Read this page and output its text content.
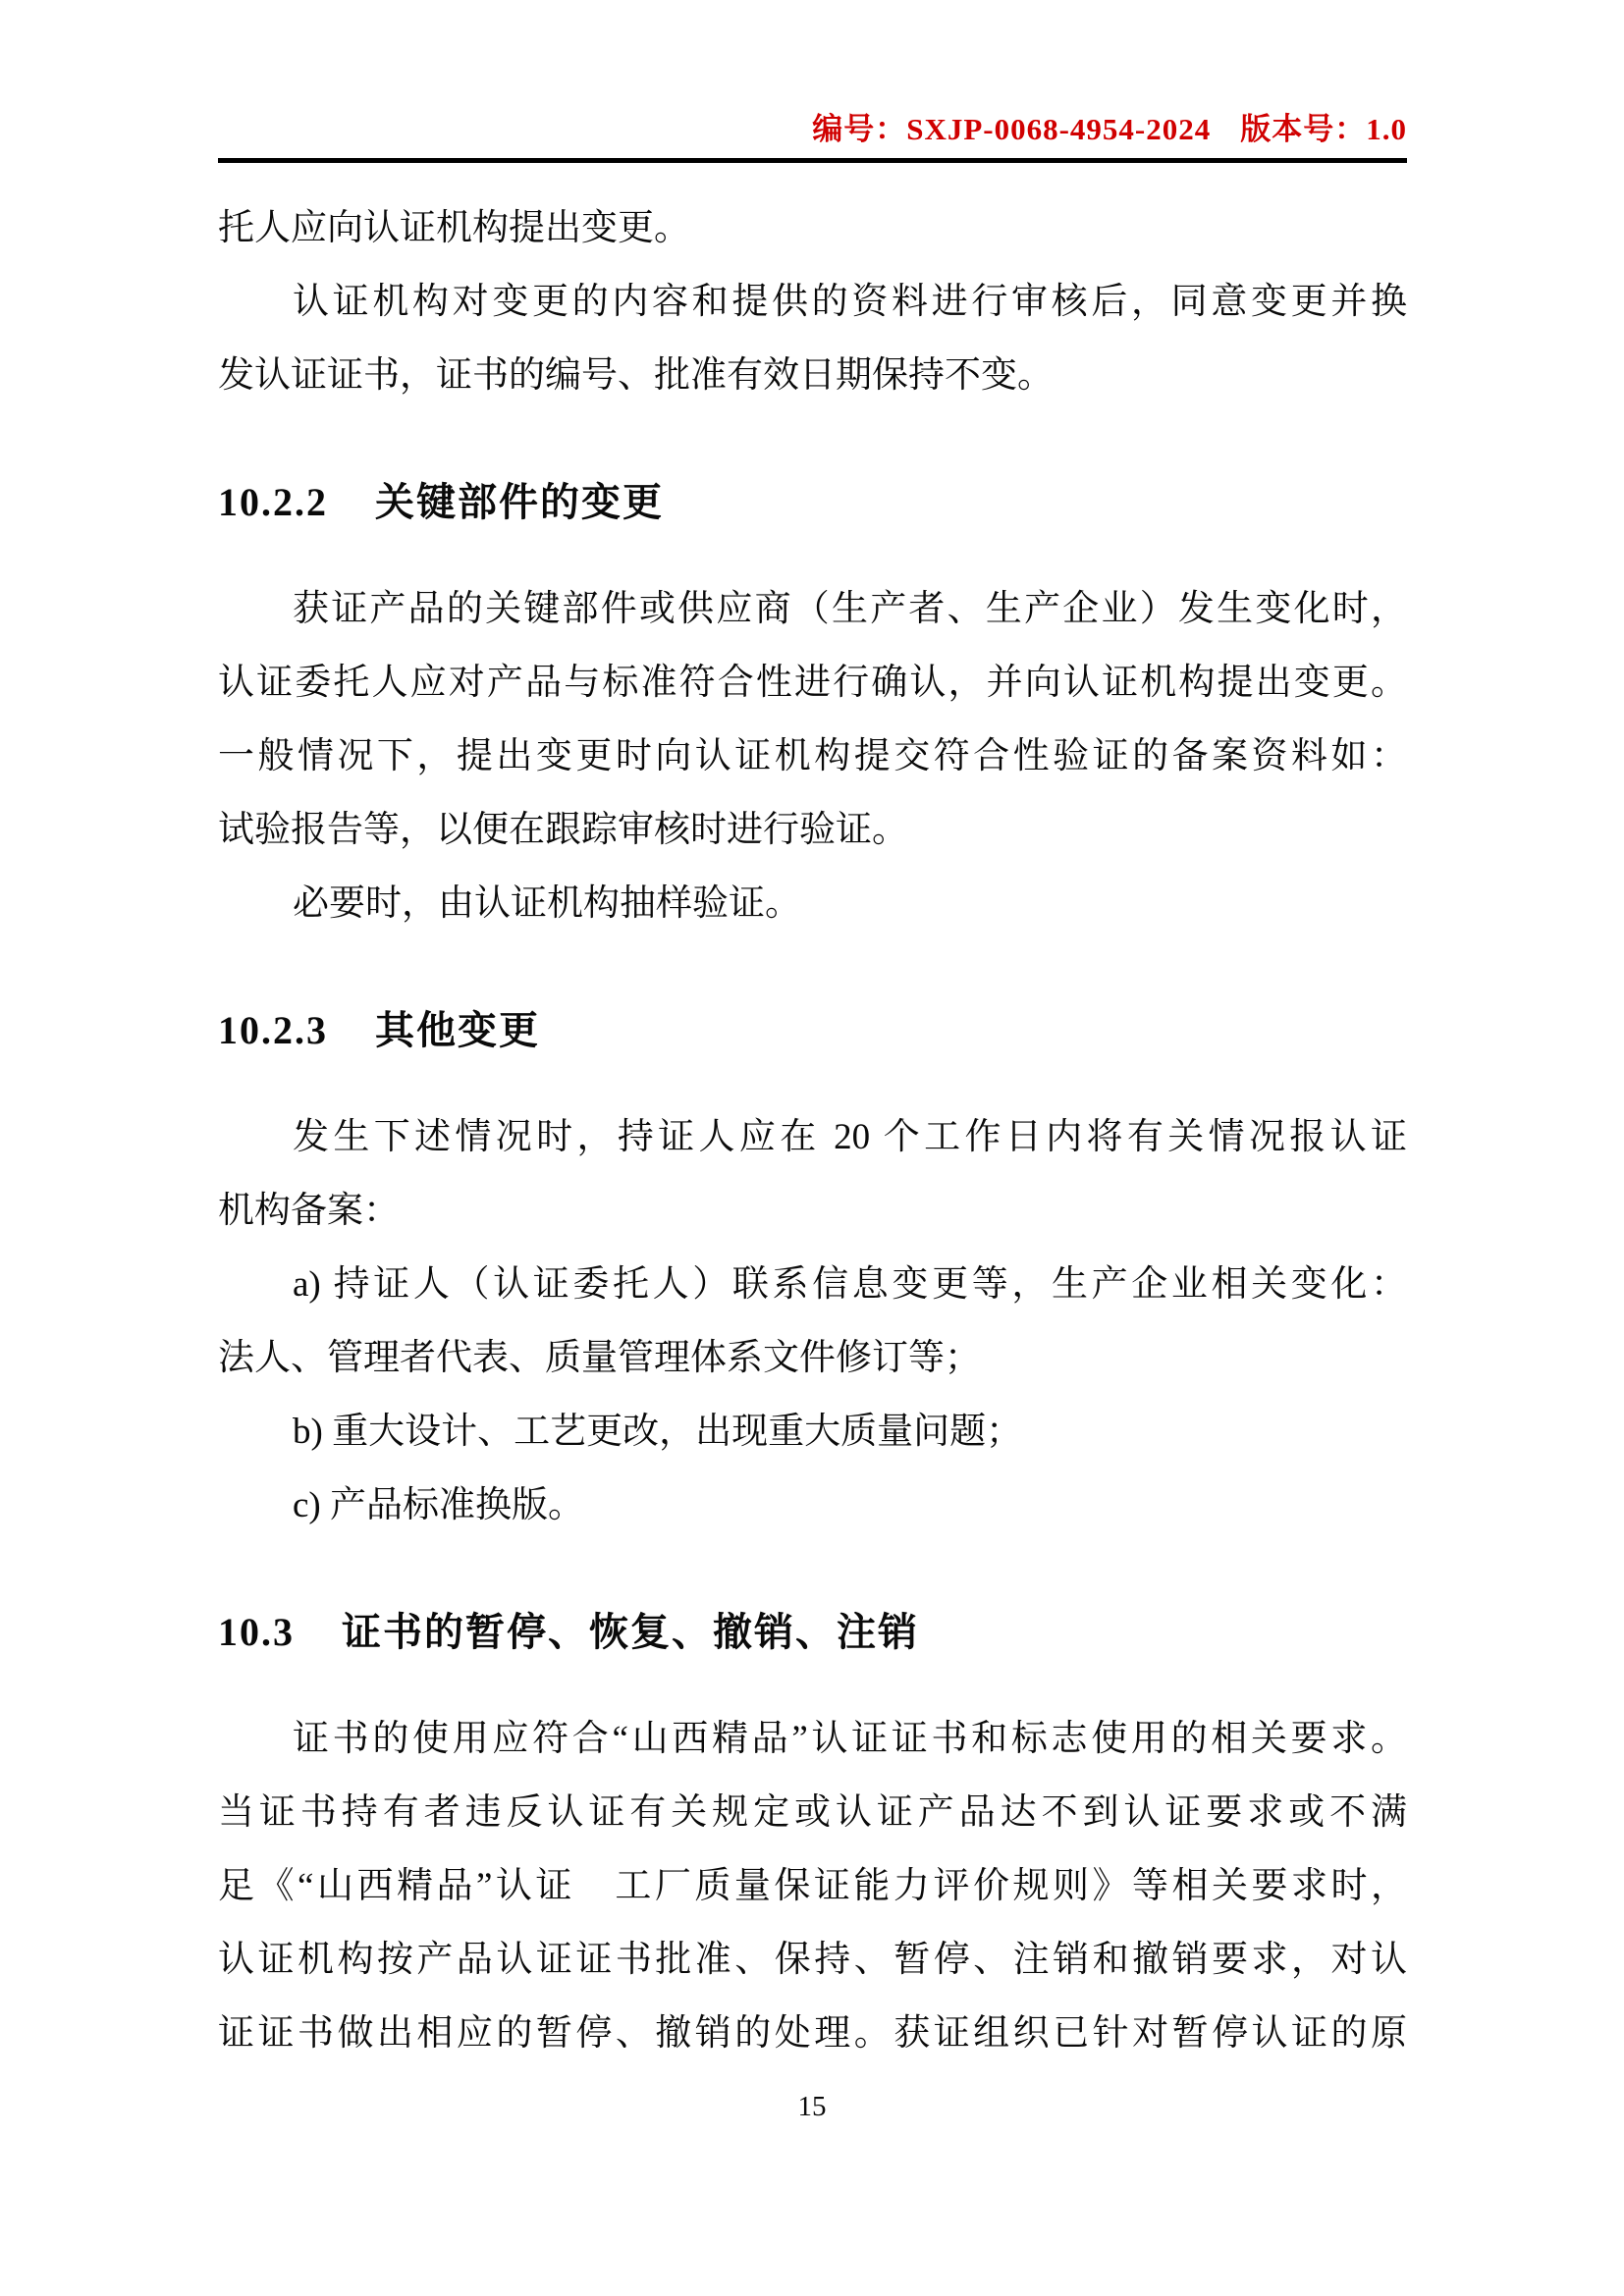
编号：SXJP-0068-4954-2024 版本号：1.0
托人应向认证机构提出变更。
认证机构对变更的内容和提供的资料进行审核后，同意变更并换
发认证证书，证书的编号、批准有效日期保持不变。
10.2.2 关键部件的变更
获证产品的关键部件或供应商（生产者、生产企业）发生变化时，
认证委托人应对产品与标准符合性进行确认，并向认证机构提出变更。
一般情况下，提出变更时向认证机构提交符合性验证的备案资料如：
试验报告等，以便在跟踪审核时进行验证。
必要时，由认证机构抽样验证。
10.2.3 其他变更
发生下述情况时，持证人应在 20 个工作日内将有关情况报认证
机构备案：
a) 持证人（认证委托人）联系信息变更等，生产企业相关变化：
法人、管理者代表、质量管理体系文件修订等；
b) 重大设计、工艺更改，出现重大质量问题；
c) 产品标准换版。
10.3 证书的暂停、恢复、撤销、注销
证书的使用应符合“山西精品”认证证书和标志使用的相关要求。
当证书持有者违反认证有关规定或认证产品达不到认证要求或不满
足《“山西精品”认证　工厂质量保证能力评价规则》等相关要求时，
认证机构按产品认证证书批准、保持、暂停、注销和撤销要求，对认
证证书做出相应的暂停、撤销的处理。获证组织已针对暂停认证的原
15
